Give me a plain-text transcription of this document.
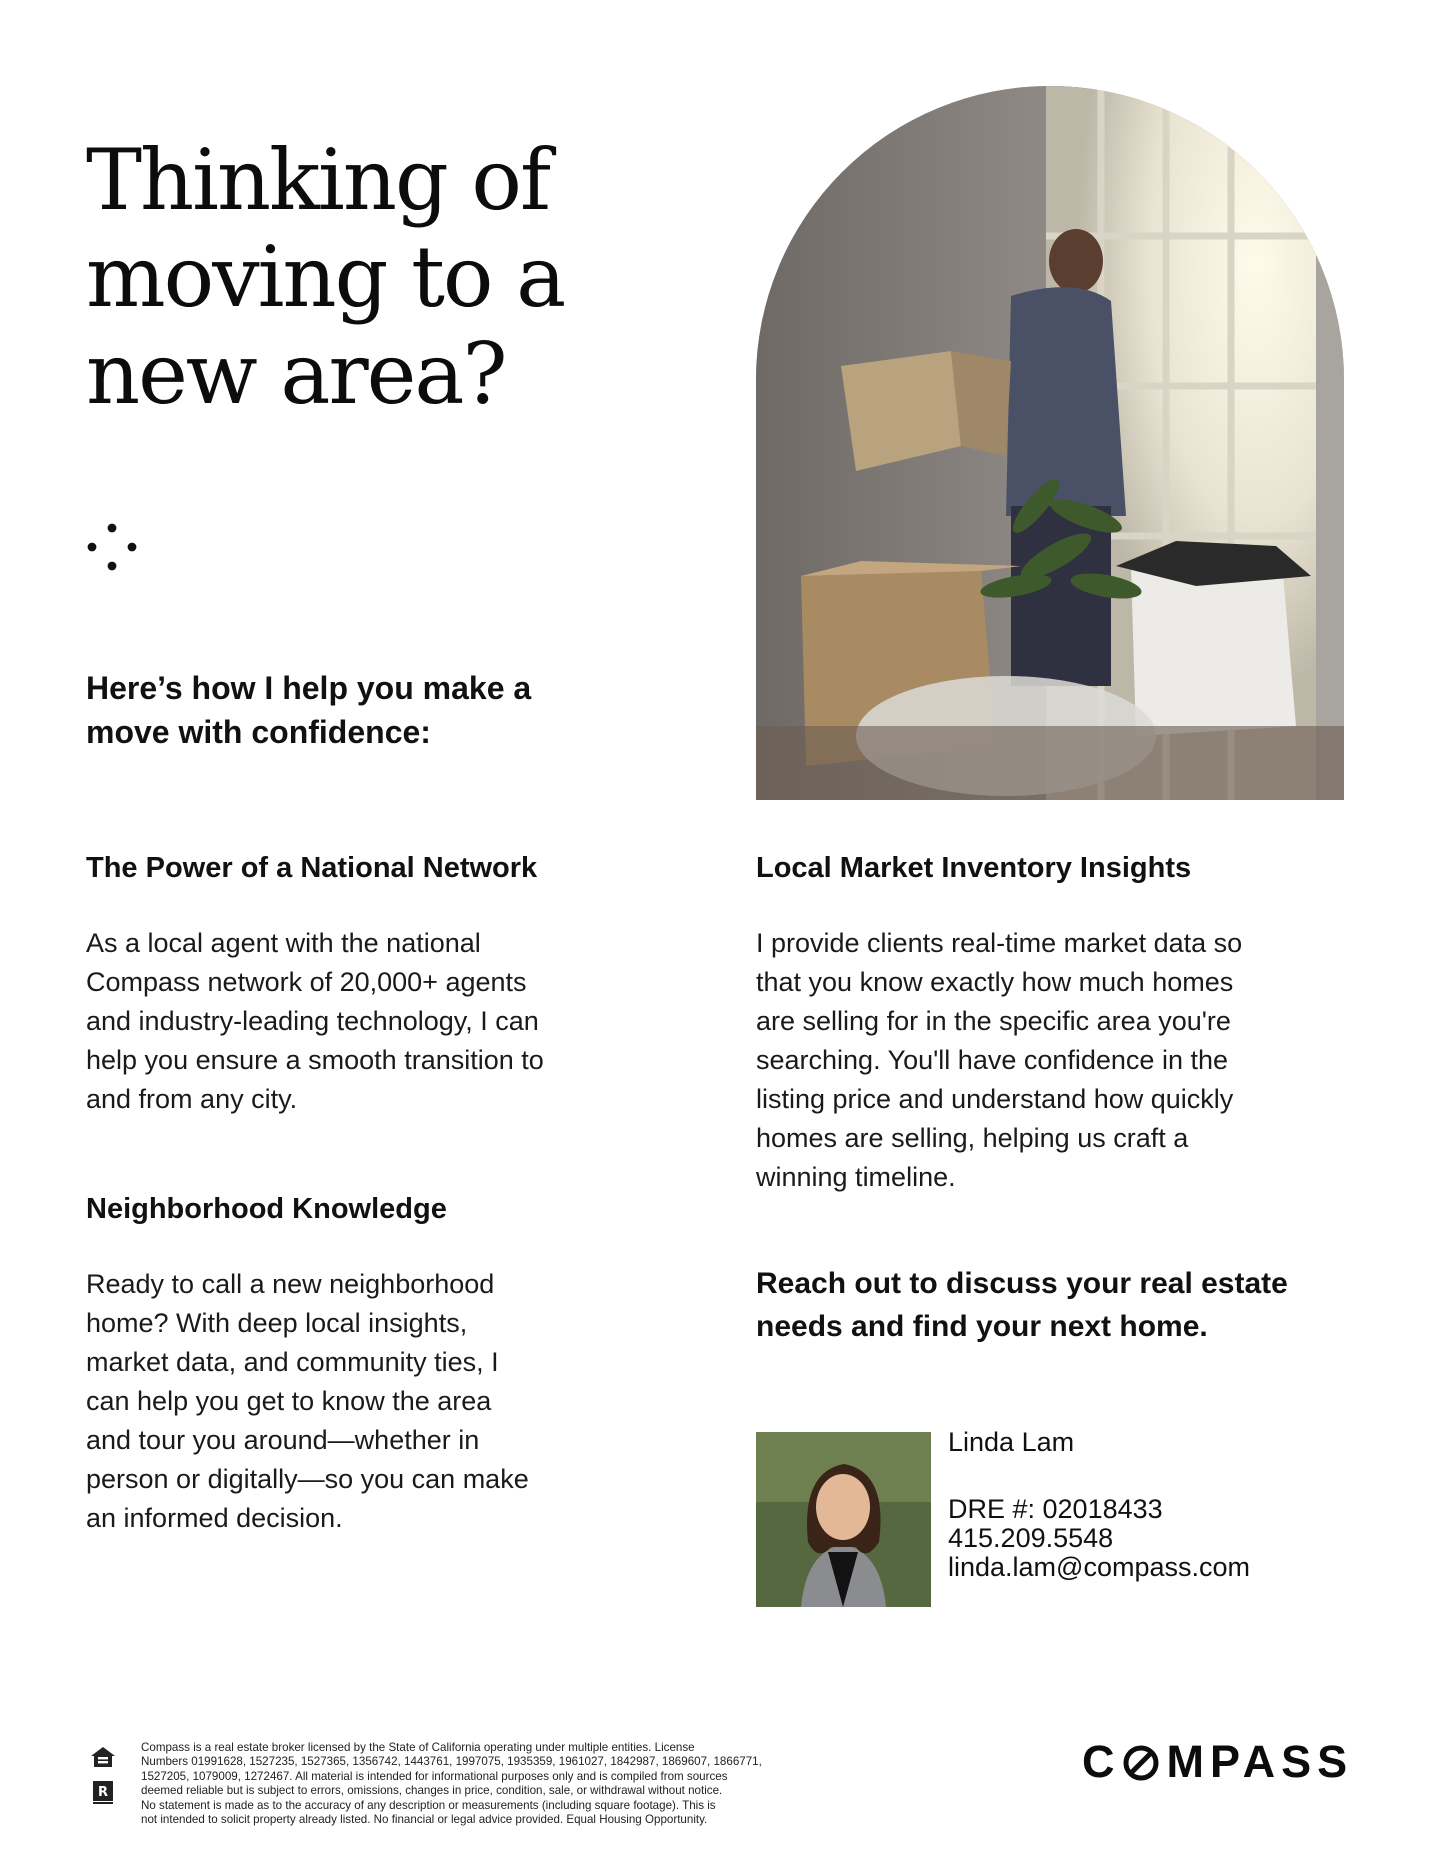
Thinking of
moving to a
new area?
Here’s how I help you make a
move with confidence:
The Power of a National Network

As a local agent with the national
Compass network of 20,000+ agents
and industry-leading technology, I can
help you ensure a smooth transition to
and from any city.

Neighborhood Knowledge

Ready to call a new neighborhood
home? With deep local insights,
market data, and community ties, I
can help you get to know the area
and tour you around—whether in
person or digitally—so you can make
an informed decision.

Local Market Inventory Insights

I provide clients real-time market data so
that you know exactly how much homes
are selling for in the specific area you're
searching. You'll have confidence in the
listing price and understand how quickly
homes are selling, helping us craft a
winning timeline.

Reach out to discuss your real estate
needs and find your next home.

Linda Lam
DRE #: 02018433
415.209.5548
linda.lam@compass.com

R

Compass is a real estate broker licensed by the State of California operating under multiple entities. License
Numbers 01991628, 1527235, 1527365, 1356742, 1443761, 1997075, 1935359, 1961027, 1842987, 1869607, 1866771,
1527205, 1079009, 1272467. All material is intended for informational purposes only and is compiled from sources
deemed reliable but is subject to errors, omissions, changes in price, condition, sale, or withdrawal without notice.
No statement is made as to the accuracy of any description or measurements (including square footage). This is
not intended to solicit property already listed. No financial or legal advice provided. Equal Housing Opportunity.

C MPASS
